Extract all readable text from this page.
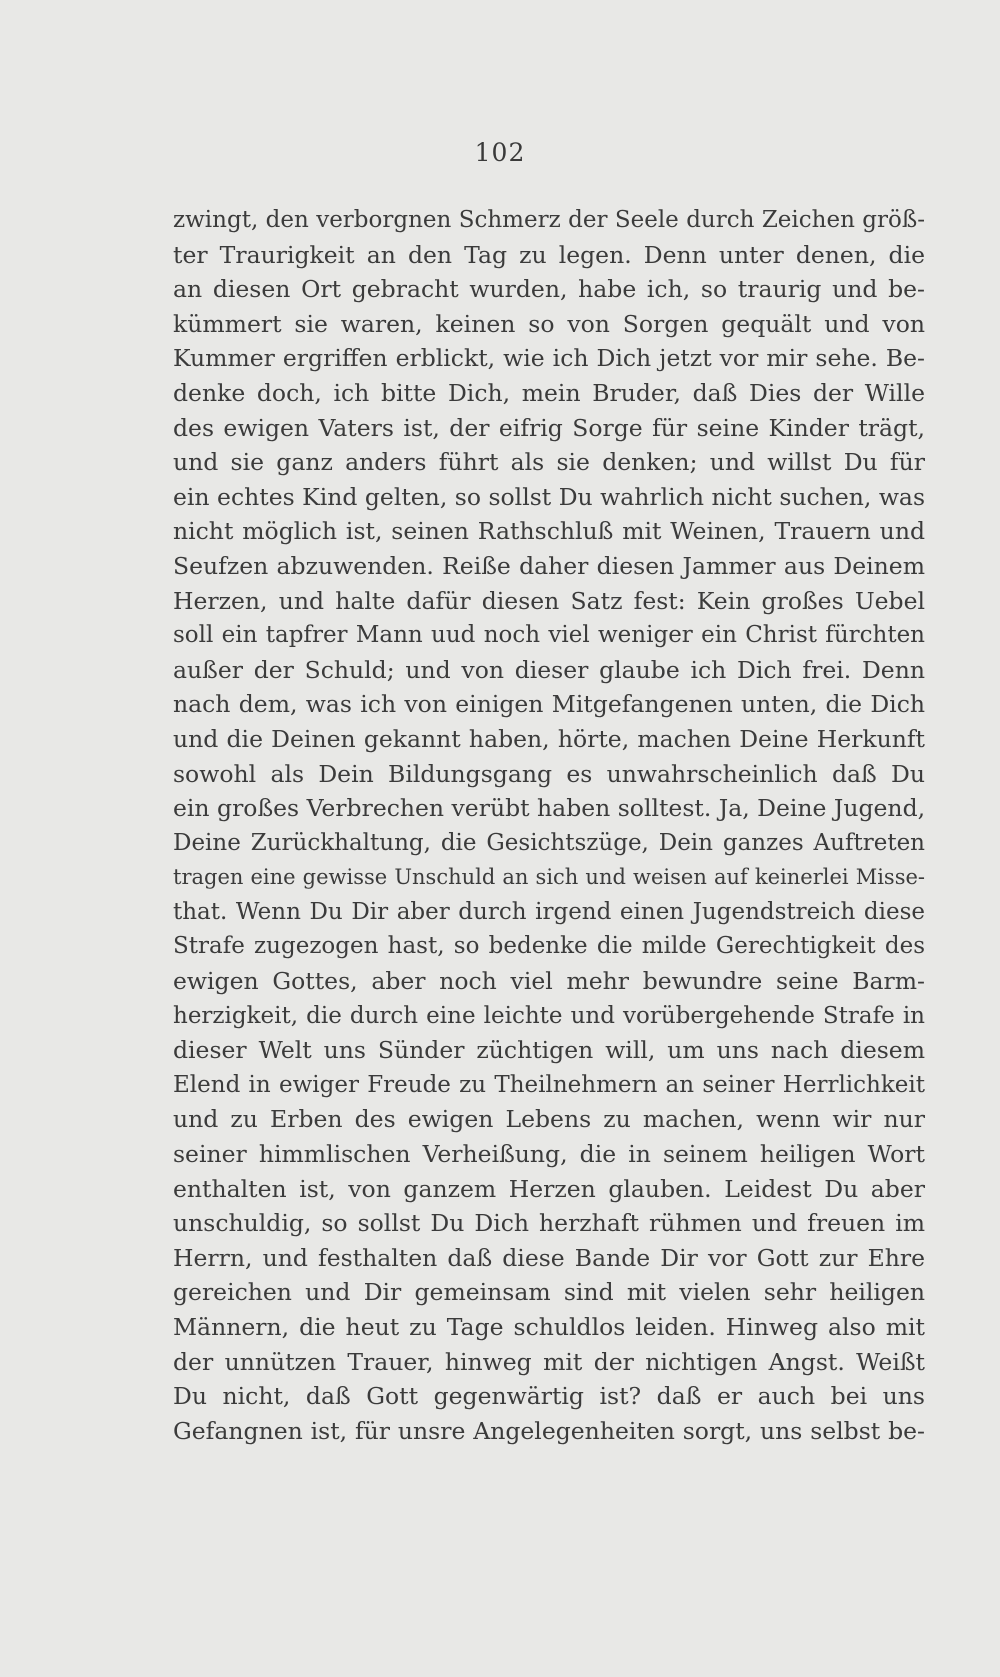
102
zwingt, den verborgnen Schmerz der Seele durch Zeichen größ-
ter Traurigkeit an den Tag zu legen. Denn unter denen, die
an diesen Ort gebracht wurden, habe ich, so traurig und be-
kümmert sie waren, keinen so von Sorgen gequält und von
Kummer ergriffen erblickt, wie ich Dich jetzt vor mir sehe. Be-
denke doch, ich bitte Dich, mein Bruder, daß Dies der Wille
des ewigen Vaters ist, der eifrig Sorge für seine Kinder trägt,
und sie ganz anders führt als sie denken; und willst Du für
ein echtes Kind gelten, so sollst Du wahrlich nicht suchen, was
nicht möglich ist, seinen Rathschluß mit Weinen, Trauern und
Seufzen abzuwenden. Reiße daher diesen Jammer aus Deinem
Herzen, und halte dafür diesen Satz fest: Kein großes Uebel
soll ein tapfrer Mann uud noch viel weniger ein Christ fürchten
außer der Schuld; und von dieser glaube ich Dich frei. Denn
nach dem, was ich von einigen Mitgefangenen unten, die Dich
und die Deinen gekannt haben, hörte, machen Deine Herkunft
sowohl als Dein Bildungsgang es unwahrscheinlich daß Du
ein großes Verbrechen verübt haben solltest. Ja, Deine Jugend,
Deine Zurückhaltung, die Gesichtszüge, Dein ganzes Auftreten
tragen eine gewisse Unschuld an sich und weisen auf keinerlei Misse-
that. Wenn Du Dir aber durch irgend einen Jugendstreich diese
Strafe zugezogen hast, so bedenke die milde Gerechtigkeit des
ewigen Gottes, aber noch viel mehr bewundre seine Barm-
herzigkeit, die durch eine leichte und vorübergehende Strafe in
dieser Welt uns Sünder züchtigen will, um uns nach diesem
Elend in ewiger Freude zu Theilnehmern an seiner Herrlichkeit
und zu Erben des ewigen Lebens zu machen, wenn wir nur
seiner himmlischen Verheißung, die in seinem heiligen Wort
enthalten ist, von ganzem Herzen glauben. Leidest Du aber
unschuldig, so sollst Du Dich herzhaft rühmen und freuen im
Herrn, und festhalten daß diese Bande Dir vor Gott zur Ehre
gereichen und Dir gemeinsam sind mit vielen sehr heiligen
Männern, die heut zu Tage schuldlos leiden. Hinweg also mit
der unnützen Trauer, hinweg mit der nichtigen Angst. Weißt
Du nicht, daß Gott gegenwärtig ist? daß er auch bei uns
Gefangnen ist, für unsre Angelegenheiten sorgt, uns selbst be-
